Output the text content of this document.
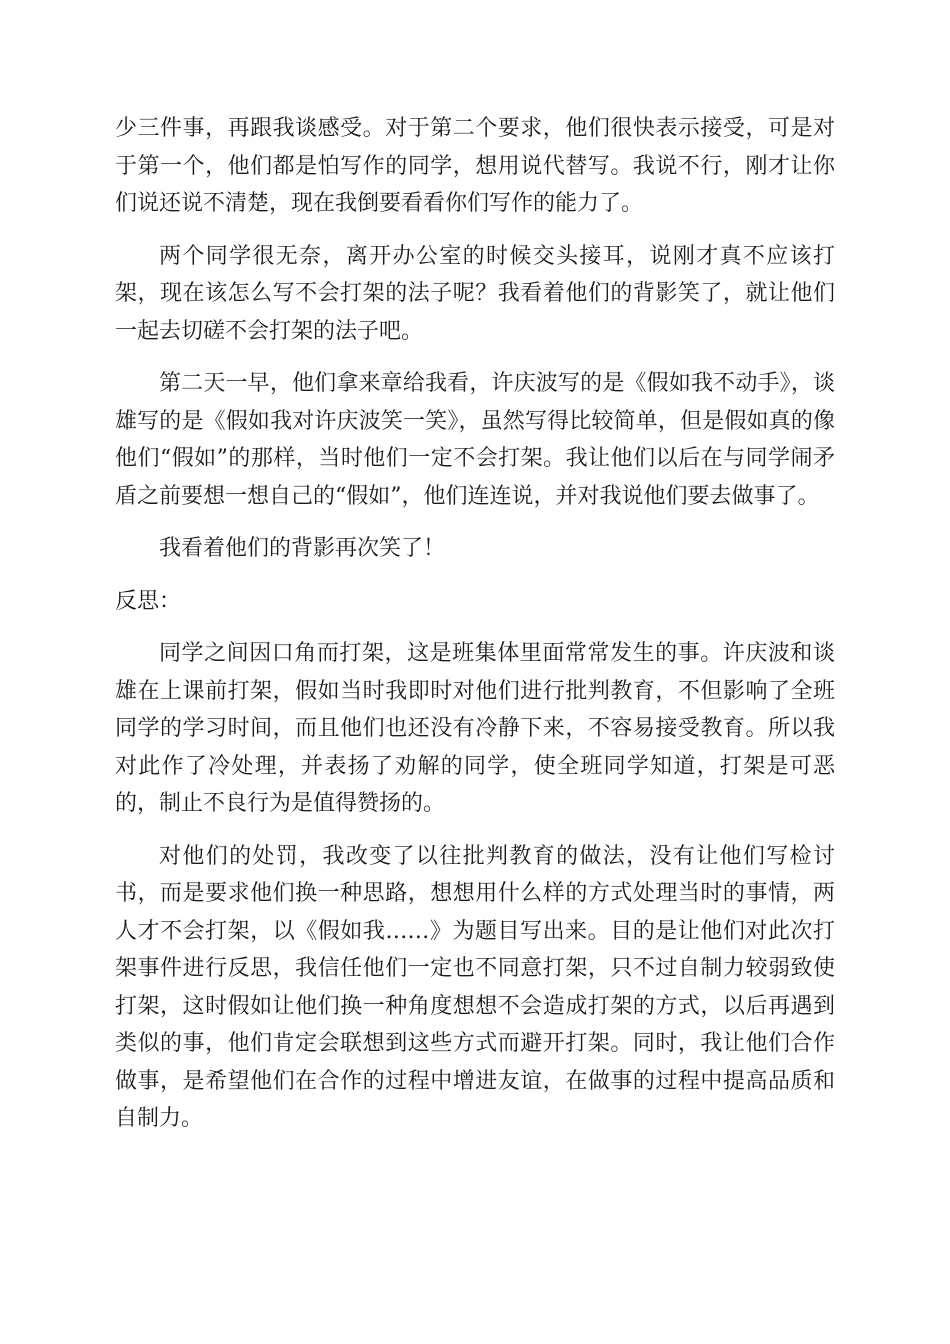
少三件事，再跟我谈感受。对于第二个要求，他们很快表示接受，可是对于第一个，他们都是怕写作的同学，想用说代替写。我说不行，刚才让你们说还说不清楚，现在我倒要看看你们写作的能力了。

两个同学很无奈，离开办公室的时候交头接耳，说刚才真不应该打架，现在该怎么写不会打架的法子呢？我看着他们的背影笑了，就让他们一起去切磋不会打架的法子吧。

第二天一早，他们拿来章给我看，许庆波写的是《假如我不动手》，谈雄写的是《假如我对许庆波笑一笑》，虽然写得比较简单，但是假如真的像他们“假如”的那样，当时他们一定不会打架。我让他们以后在与同学闹矛盾之前要想一想自己的“假如”，他们连连说，并对我说他们要去做事了。

我看着他们的背影再次笑了！

反思：

同学之间因口角而打架，这是班集体里面常常发生的事。许庆波和谈雄在上课前打架，假如当时我即时对他们进行批判教育，不但影响了全班同学的学习时间，而且他们也还没有冷静下来，不容易接受教育。所以我对此作了冷处理，并表扬了劝解的同学，使全班同学知道，打架是可恶的，制止不良行为是值得赞扬的。

对他们的处罚，我改变了以往批判教育的做法，没有让他们写检讨书，而是要求他们换一种思路，想想用什么样的方式处理当时的事情，两人才不会打架，以《假如我……》为题目写出来。目的是让他们对此次打架事件进行反思，我信任他们一定也不同意打架，只不过自制力较弱致使打架，这时假如让他们换一种角度想想不会造成打架的方式，以后再遇到类似的事，他们肯定会联想到这些方式而避开打架。同时，我让他们合作做事，是希望他们在合作的过程中增进友谊，在做事的过程中提高品质和自制力。
